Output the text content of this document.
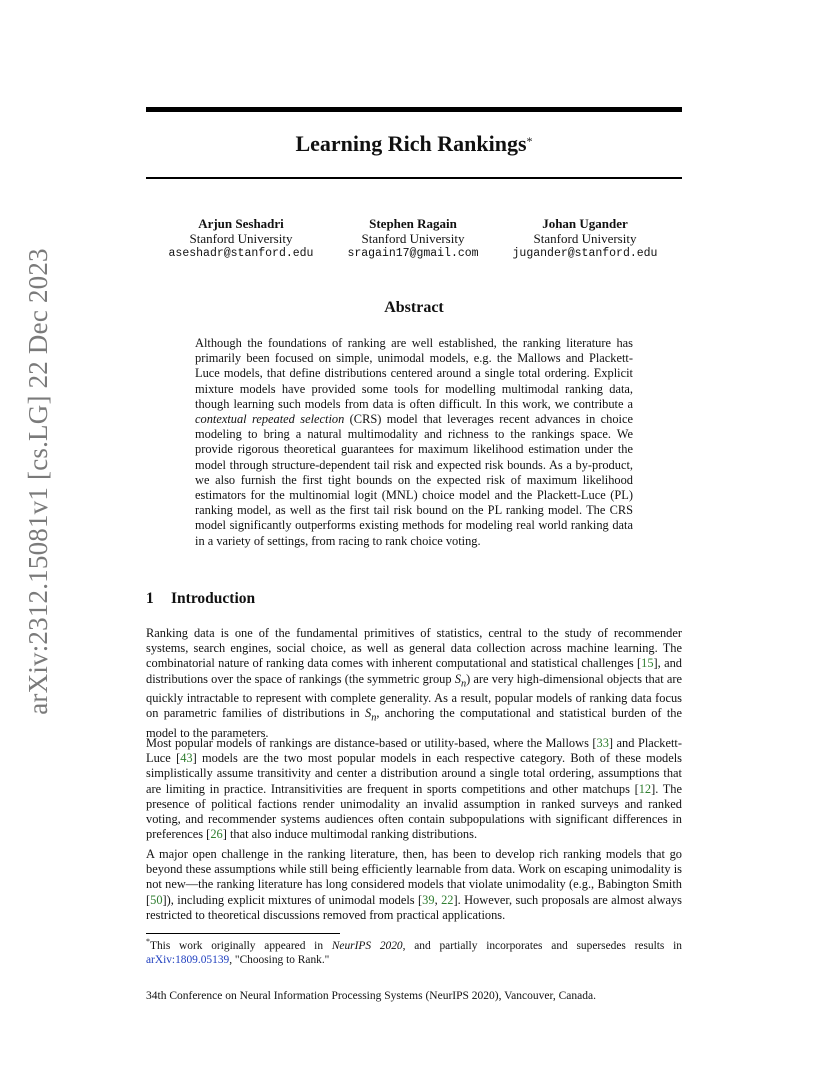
arXiv:2312.15081v1 [cs.LG] 22 Dec 2023
Learning Rich Rankings*
Arjun Seshadri
Stanford University
aseshadr@stanford.edu
Stephen Ragain
Stanford University
sragain17@gmail.com
Johan Ugander
Stanford University
jugander@stanford.edu
Abstract

Although the foundations of ranking are well established, the ranking literature has primarily been focused on simple, unimodal models, e.g. the Mallows and Plackett-Luce models, that define distributions centered around a single total ordering. Explicit mixture models have provided some tools for modelling multimodal ranking data, though learning such models from data is often difficult. In this work, we contribute a contextual repeated selection (CRS) model that leverages recent advances in choice modeling to bring a natural multimodality and richness to the rankings space. We provide rigorous theoretical guarantees for maximum likelihood estimation under the model through structure-dependent tail risk and expected risk bounds. As a by-product, we also furnish the first tight bounds on the expected risk of maximum likelihood estimators for the multinomial logit (MNL) choice model and the Plackett-Luce (PL) ranking model, as well as the first tail risk bound on the PL ranking model. The CRS model significantly outperforms existing methods for modeling real world ranking data in a variety of settings, from racing to rank choice voting.

1 Introduction

Ranking data is one of the fundamental primitives of statistics, central to the study of recommender systems, search engines, social choice, as well as general data collection across machine learning. The combinatorial nature of ranking data comes with inherent computational and statistical challenges [15], and distributions over the space of rankings (the symmetric group $S_n$) are very high-dimensional objects that are quickly intractable to represent with complete generality. As a result, popular models of ranking data focus on parametric families of distributions in $S_n$, anchoring the computational and statistical burden of the model to the parameters.

Most popular models of rankings are distance-based or utility-based, where the Mallows [33] and Plackett-Luce [43] models are the two most popular models in each respective category. Both of these models simplistically assume transitivity and center a distribution around a single total ordering, assumptions that are limiting in practice. Intransitivities are frequent in sports competitions and other matchups [12]. The presence of political factions render unimodality an invalid assumption in ranked surveys and ranked voting, and recommender systems audiences often contain subpopulations with significant differences in preferences [26] that also induce multimodal ranking distributions.

A major open challenge in the ranking literature, then, has been to develop rich ranking models that go beyond these assumptions while still being efficiently learnable from data. Work on escaping unimodality is not new—the ranking literature has long considered models that violate unimodality (e.g., Babington Smith [50]), including explicit mixtures of unimodal models [39, 22]. However, such proposals are almost always restricted to theoretical discussions removed from practical applications.

*This work originally appeared in NeurIPS 2020, and partially incorporates and supersedes results in arXiv:1809.05139, "Choosing to Rank."

34th Conference on Neural Information Processing Systems (NeurIPS 2020), Vancouver, Canada.
